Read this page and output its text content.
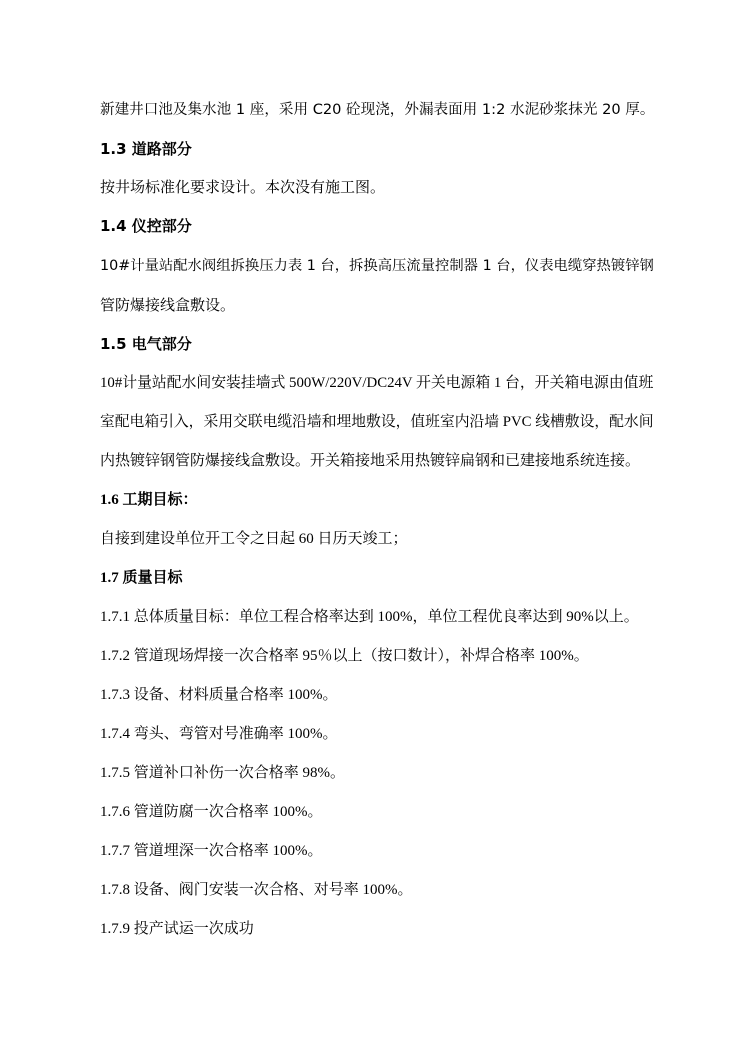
新建井口池及集水池 1 座，采用 C20 砼现浇，外漏表面用 1:2 水泥砂浆抹光 20 厚。
1.3 道路部分
按井场标准化要求设计。本次没有施工图。
1.4 仪控部分
10#计量站配水阀组拆换压力表 1 台，拆换高压流量控制器 1 台，仪表电缆穿热镀锌钢
管防爆接线盒敷设。
1.5 电气部分
10#计量站配水间安装挂墙式 500W/220V/DC24V 开关电源箱 1 台，开关箱电源由值班
室配电箱引入，采用交联电缆沿墙和埋地敷设，值班室内沿墙 PVC 线槽敷设，配水间
内热镀锌钢管防爆接线盒敷设。开关箱接地采用热镀锌扁钢和已建接地系统连接。
1.6 工期目标：
自接到建设单位开工令之日起 60 日历天竣工；
1.7 质量目标
1.7.1 总体质量目标：单位工程合格率达到 100%，单位工程优良率达到 90%以上。
1.7.2 管道现场焊接一次合格率 95％以上（按口数计），补焊合格率 100%。
1.7.3 设备、材料质量合格率 100%。
1.7.4 弯头、弯管对号准确率 100%。
1.7.5 管道补口补伤一次合格率 98%。
1.7.6 管道防腐一次合格率 100%。
1.7.7 管道埋深一次合格率 100%。
1.7.8 设备、阀门安装一次合格、对号率 100%。
1.7.9 投产试运一次成功
